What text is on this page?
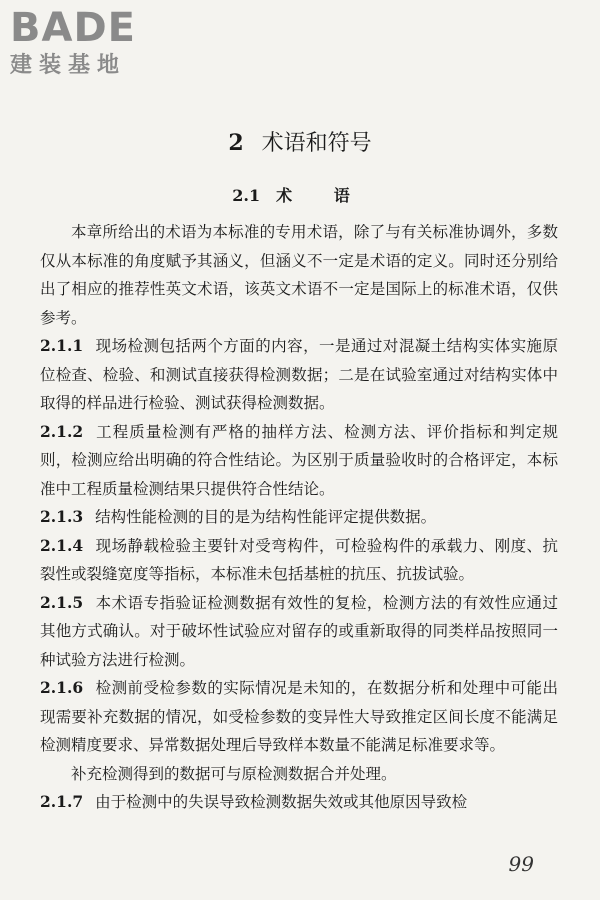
BADE
建装基地
2 术语和符号
2.1 术 语

本章所给出的术语为本标准的专用术语，除了与有关标准协调外，多数仅从本标准的角度赋予其涵义，但涵义不一定是术语的定义。同时还分别给出了相应的推荐性英文术语，该英文术语不一定是国际上的标准术语，仅供参考。

2.1.1 现场检测包括两个方面的内容，一是通过对混凝土结构实体实施原位检查、检验、和测试直接获得检测数据；二是在试验室通过对结构实体中取得的样品进行检验、测试获得检测数据。

2.1.2 工程质量检测有严格的抽样方法、检测方法、评价指标和判定规则，检测应给出明确的符合性结论。为区别于质量验收时的合格评定，本标准中工程质量检测结果只提供符合性结论。

2.1.3 结构性能检测的目的是为结构性能评定提供数据。

2.1.4 现场静载检验主要针对受弯构件，可检验构件的承载力、刚度、抗裂性或裂缝宽度等指标，本标准未包括基桩的抗压、抗拔试验。

2.1.5 本术语专指验证检测数据有效性的复检，检测方法的有效性应通过其他方式确认。对于破坏性试验应对留存的或重新取得的同类样品按照同一种试验方法进行检测。

2.1.6 检测前受检参数的实际情况是未知的，在数据分析和处理中可能出现需要补充数据的情况，如受检参数的变异性大导致推定区间长度不能满足检测精度要求、异常数据处理后导致样本数量不能满足标准要求等。

补充检测得到的数据可与原检测数据合并处理。

2.1.7 由于检测中的失误导致检测数据失效或其他原因导致检

99
